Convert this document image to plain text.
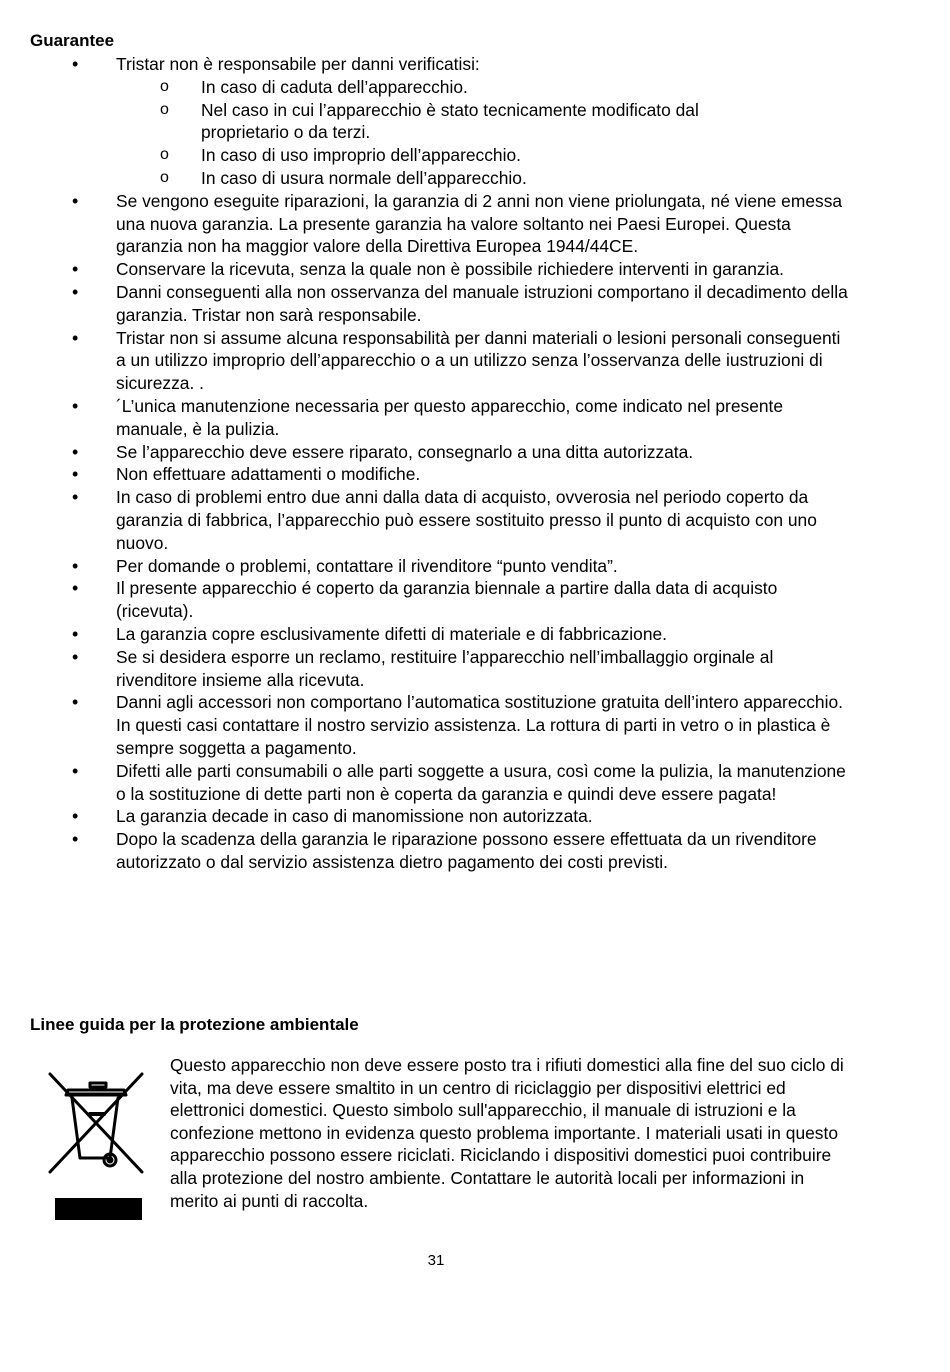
Guarantee
• Tristar non è responsabile per danni verificatisi:
o In caso di caduta dell’apparecchio.
o Nel caso in cui l’apparecchio è stato tecnicamente modificato dal proprietario o da terzi.
o In caso di uso improprio dell’apparecchio.
o In caso di usura normale dell’apparecchio.
• Se vengono eseguite riparazioni, la garanzia di 2 anni non viene priolungata, né viene emessa una nuova garanzia. La presente garanzia ha valore soltanto nei Paesi Europei. Questa garanzia non ha maggior valore della Direttiva Europea 1944/44CE.
• Conservare la ricevuta, senza la quale non è possibile richiedere interventi in garanzia.
• Danni conseguenti alla non osservanza del manuale istruzioni comportano il decadimento della garanzia. Tristar non sarà responsabile.
• Tristar non si assume alcuna responsabilità per danni materiali o lesioni personali conseguenti a un utilizzo improprio dell’apparecchio o a un utilizzo senza l’osservanza delle iustruzioni di sicurezza. .
• ´L’unica manutenzione necessaria per questo apparecchio, come indicato nel presente manuale, è la pulizia.
• Se l’apparecchio deve essere riparato, consegnarlo a una ditta autorizzata.
• Non effettuare adattamenti o modifiche.
• In caso di problemi entro due anni dalla data di acquisto, ovverosia nel periodo coperto da garanzia di fabbrica, l’apparecchio può essere sostituito presso il punto di acquisto con uno nuovo.
• Per domande o problemi, contattare il rivenditore “punto vendita”.
• Il presente apparecchio é coperto da garanzia biennale a partire dalla data di acquisto (ricevuta).
• La garanzia copre esclusivamente difetti di materiale e di fabbricazione.
• Se si desidera esporre un reclamo, restituire l’apparecchio nell’imballaggio orginale al rivenditore insieme alla ricevuta.
• Danni agli accessori non comportano l’automatica sostituzione gratuita dell’intero apparecchio. In questi casi contattare il nostro servizio assistenza. La rottura di parti in vetro o in plastica è sempre soggetta a pagamento.
• Difetti alle parti consumabili o alle parti soggette a usura, così come la pulizia, la manutenzione o la sostituzione di dette parti non è coperta da garanzia e quindi deve essere pagata!
• La garanzia decade in caso di manomissione non autorizzata.
• Dopo la scadenza della garanzia le riparazione possono essere effettuata da un rivenditore autorizzato o dal servizio assistenza dietro pagamento dei costi previsti.
Linee guida per la protezione ambientale

Questo apparecchio non deve essere posto tra i rifiuti domestici alla fine del suo ciclo di vita, ma deve essere smaltito in un centro di riciclaggio per dispositivi elettrici ed elettronici domestici. Questo simbolo sull'apparecchio, il manuale di istruzioni e la confezione mettono in evidenza questo problema importante. I materiali usati in questo apparecchio possono essere riciclati. Riciclando i dispositivi domestici puoi contribuire alla protezione del nostro ambiente. Contattare le autorità locali per informazioni in merito ai punti di raccolta.

31
